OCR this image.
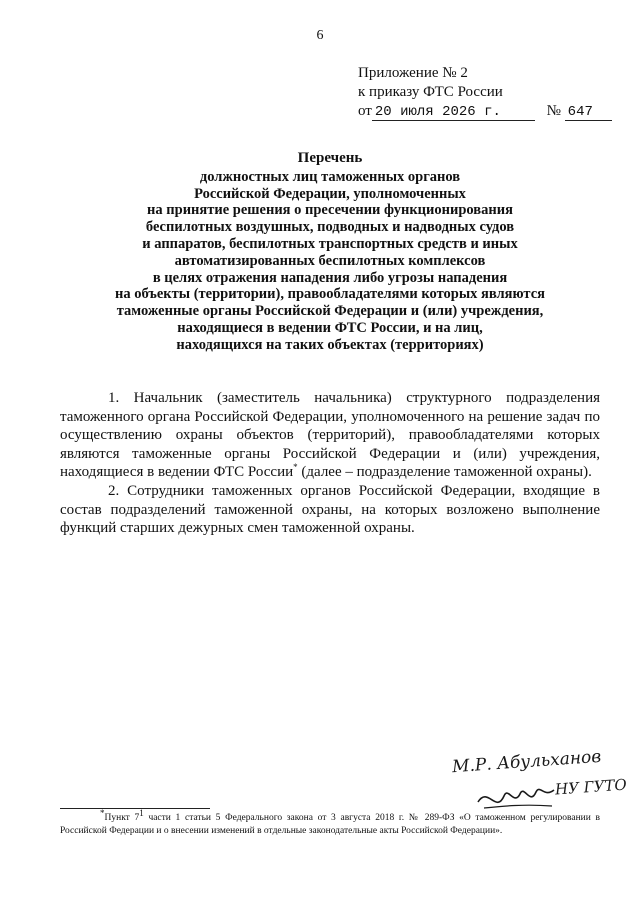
6
Приложение № 2
к приказу ФТС России
от 20 июля 2026 г.	№ 647
Перечень
должностных лиц таможенных органов
Российской Федерации, уполномоченных
на принятие решения о пресечении функционирования
беспилотных воздушных, подводных и надводных судов
и аппаратов, беспилотных транспортных средств и иных
автоматизированных беспилотных комплексов
в целях отражения нападения либо угрозы нападения
на объекты (территории), правообладателями которых являются
таможенные органы Российской Федерации и (или) учреждения,
находящиеся в ведении ФТС России, и на лиц,
находящихся на таких объектах (территориях)

1. Начальник (заместитель начальника) структурного подразделения таможенного органа Российской Федерации, уполномоченного на решение задач по осуществлению охраны объектов (территорий), правообладателями которых являются таможенные органы Российской Федерации и (или) учреждения, находящиеся в ведении ФТС России* (далее – подразделение таможенной охраны).

2. Сотрудники таможенных органов Российской Федерации, входящие в состав подразделений таможенной охраны, на которых возложено выполнение функций старших дежурных смен таможенной охраны.

М.Р. Абульханов
НУ ГУТО

*Пункт $7^1$ части 1 статьи 5 Федерального закона от 3 августа 2018 г. № 289-ФЗ «О таможенном регулировании в Российской Федерации и о внесении изменений в отдельные законодательные акты Российской Федерации».
